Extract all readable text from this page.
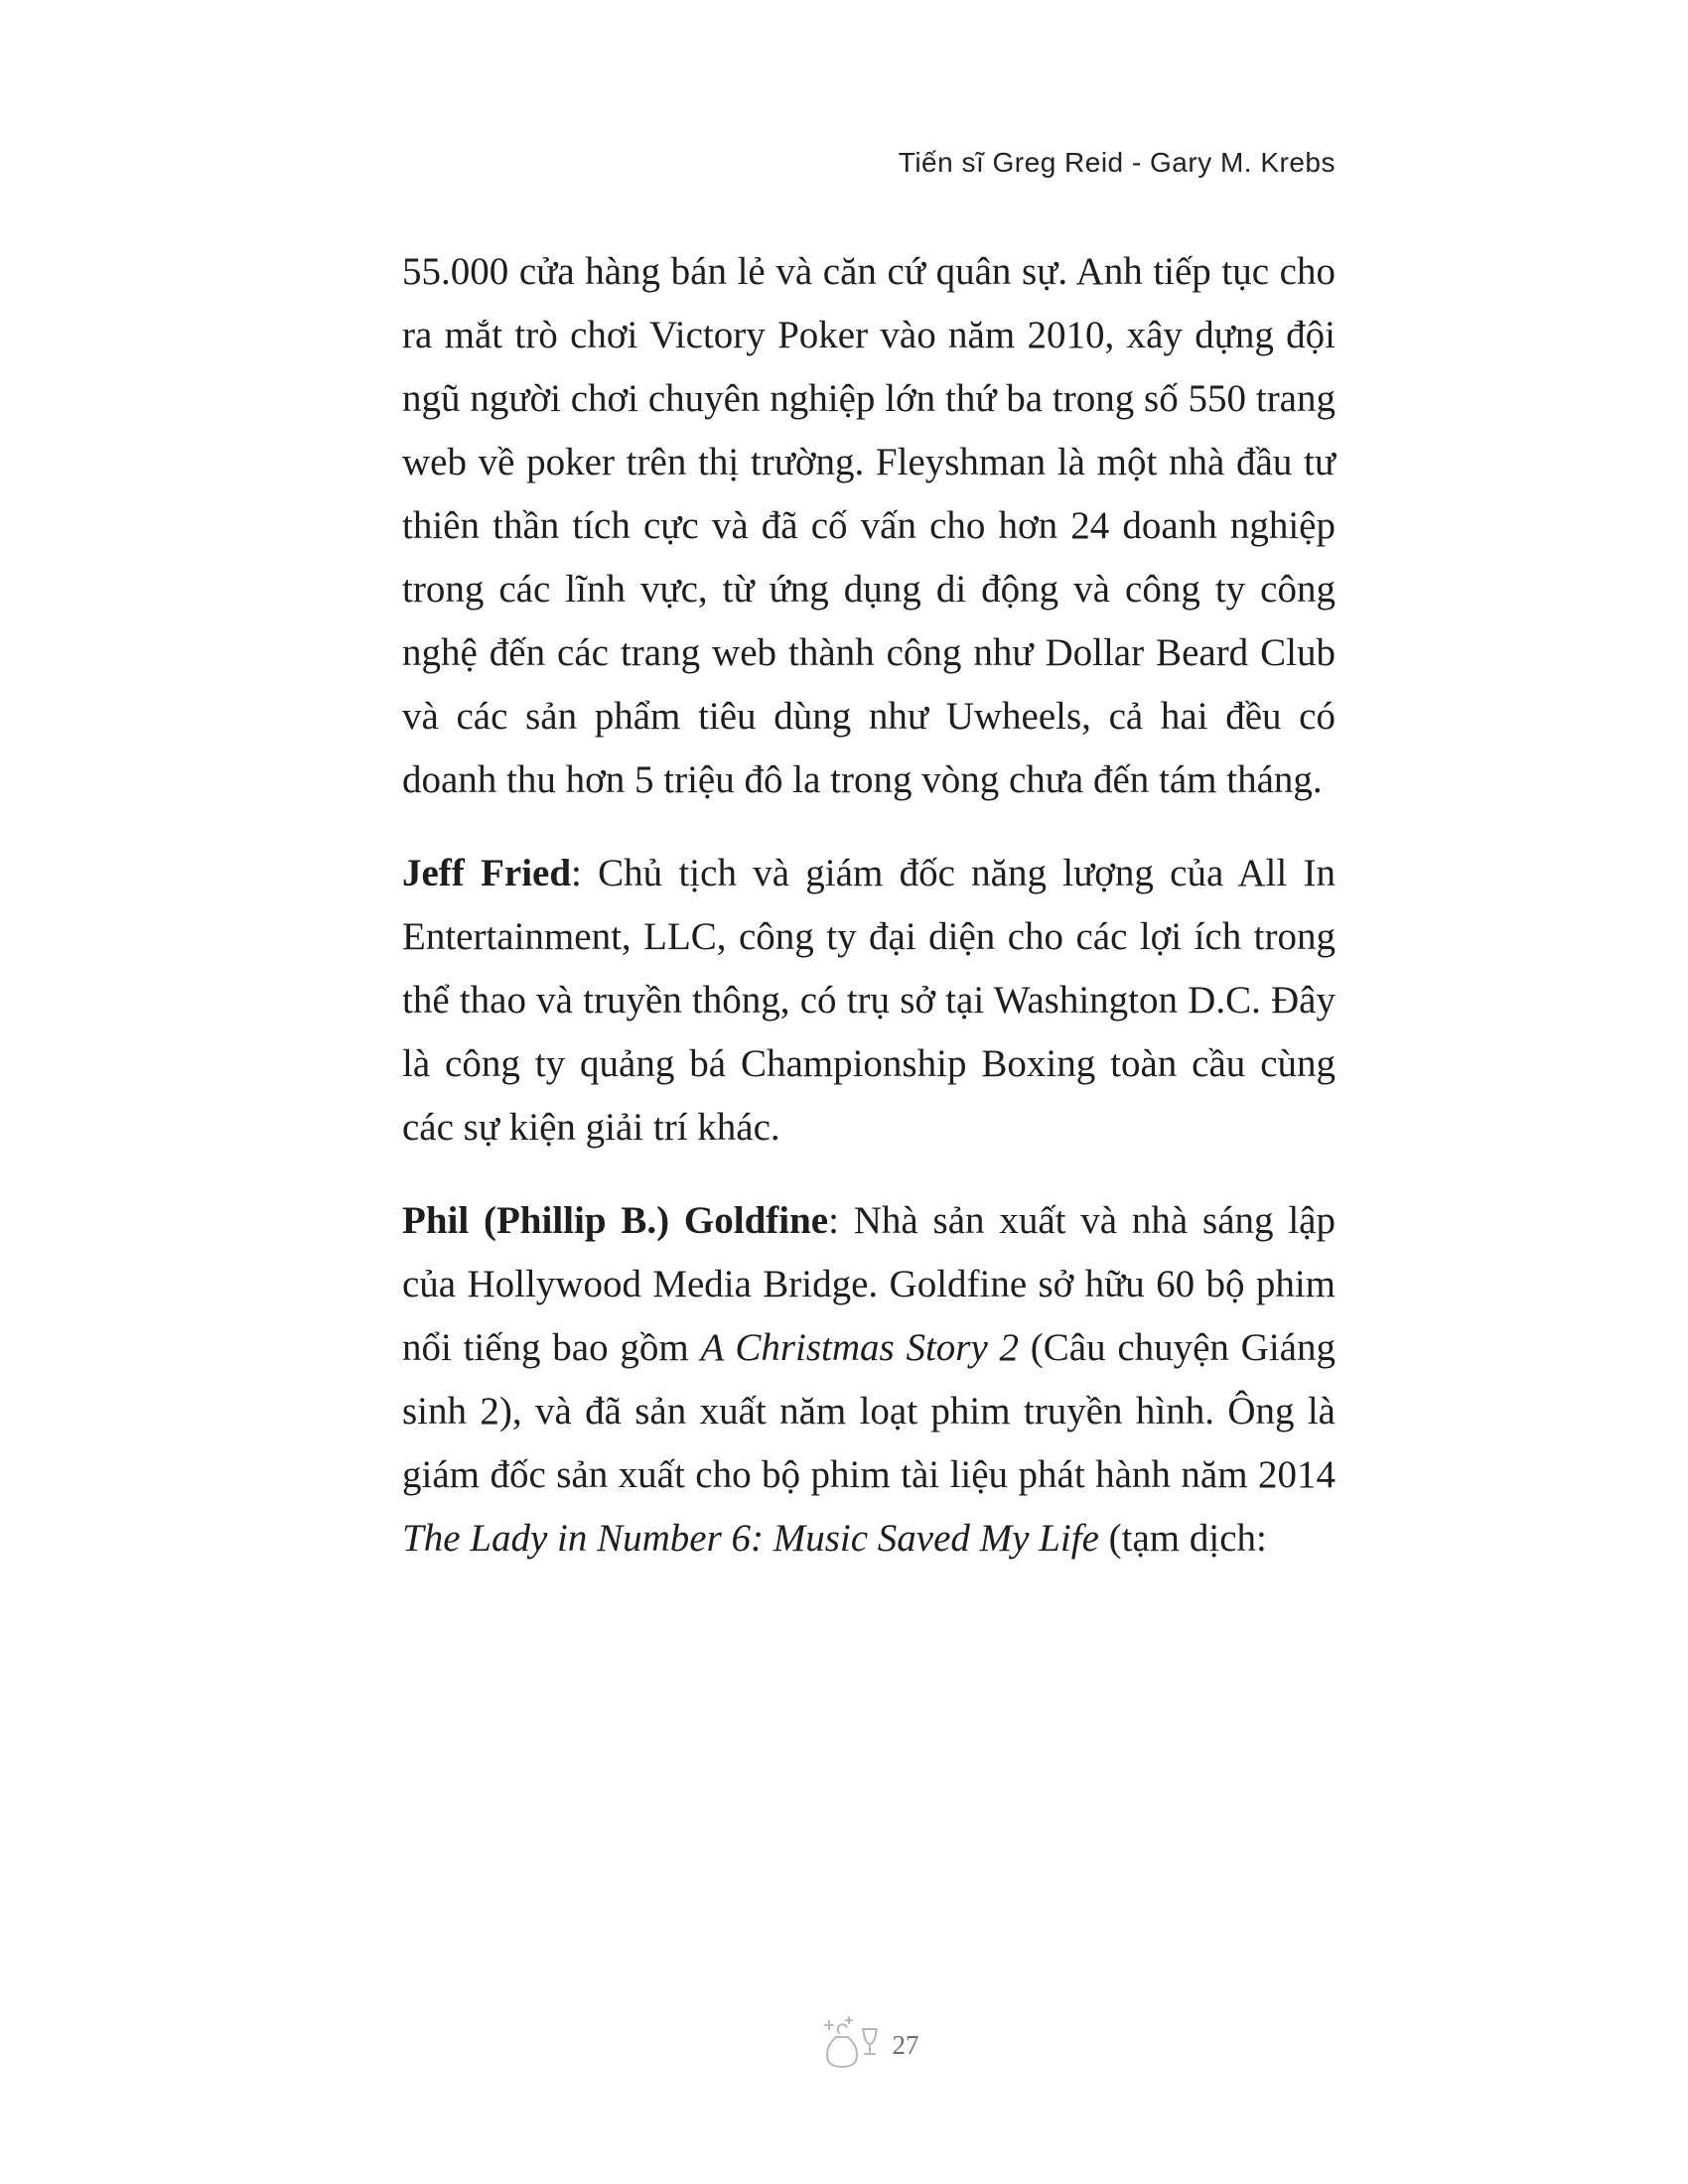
Tiến sĩ Greg Reid - Gary M. Krebs

55.000 cửa hàng bán lẻ và căn cứ quân sự. Anh tiếp tục cho ra mắt trò chơi Victory Poker vào năm 2010, xây dựng đội ngũ người chơi chuyên nghiệp lớn thứ ba trong số 550 trang web về poker trên thị trường. Fleyshman là một nhà đầu tư thiên thần tích cực và đã cố vấn cho hơn 24 doanh nghiệp trong các lĩnh vực, từ ứng dụng di động và công ty công nghệ đến các trang web thành công như Dollar Beard Club và các sản phẩm tiêu dùng như Uwheels, cả hai đều có doanh thu hơn 5 triệu đô la trong vòng chưa đến tám tháng.

Jeff Fried: Chủ tịch và giám đốc năng lượng của All In Entertainment, LLC, công ty đại diện cho các lợi ích trong thể thao và truyền thông, có trụ sở tại Washington D.C. Đây là công ty quảng bá Championship Boxing toàn cầu cùng các sự kiện giải trí khác.

Phil (Phillip B.) Goldfine: Nhà sản xuất và nhà sáng lập của Hollywood Media Bridge. Goldfine sở hữu 60 bộ phim nổi tiếng bao gồm A Christmas Story 2 (Câu chuyện Giáng sinh 2), và đã sản xuất năm loạt phim truyền hình. Ông là giám đốc sản xuất cho bộ phim tài liệu phát hành năm 2014 The Lady in Number 6: Music Saved My Life (tạm dịch:

27
